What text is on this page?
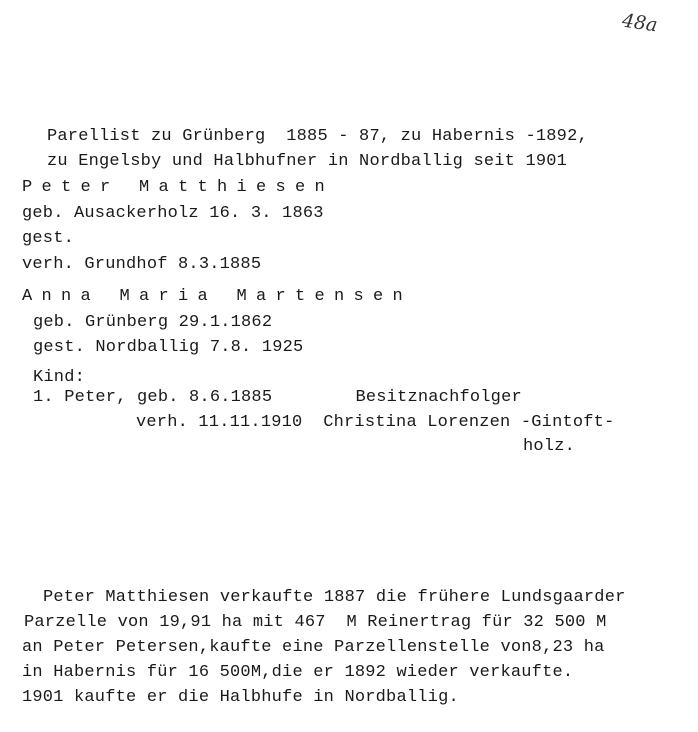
48a
Parellist zu Grünberg  1885 - 87, zu Habernis -1892,
zu Engelsby und Halbhufner in Nordballig seit 1901
Peter Matthiesen
geb. Ausackerholz 16. 3. 1863
gest.
verh. Grundhof 8.3.1885
Anna Maria Martensen
geb. Grünberg 29.1.1862
gest. Nordballig 7.8. 1925
Kind:
1. Peter, geb. 8.6.1885        Besitznachfolger
verh. 11.11.1910  Christina Lorenzen -Gintoft-
holz.
Peter Matthiesen verkaufte 1887 die frühere Lundsgaarder
Parzelle von 19,91 ha mit 467  M Reinertrag für 32 500 M
an Peter Petersen,kaufte eine Parzellenstelle von8,23 ha
in Habernis für 16 500M,die er 1892 wieder verkaufte.
1901 kaufte er die Halbhufe in Nordballig.
